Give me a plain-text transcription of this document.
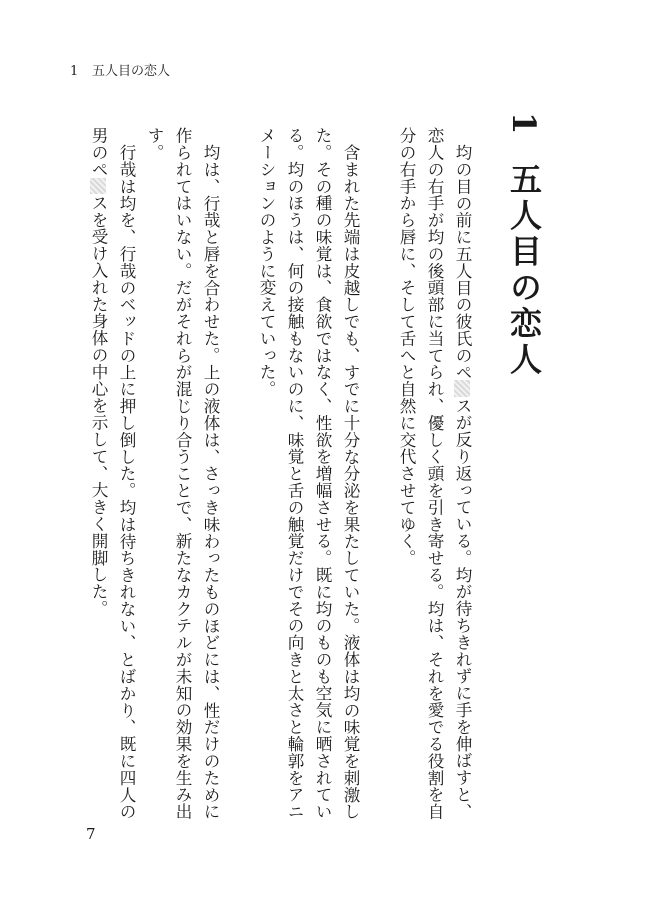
1 五人目の恋人
1五人目の恋人

均の目の前に五人目の彼氏のペスが反り返っている。均が待ちきれずに手を伸ばすと、恋人の右手が均の後頭部に当てられ、優しく頭を引き寄せる。均は、それを愛でる役割を自分の右手から唇に、そして舌へと自然に交代させてゆく。

含まれた先端は皮越しでも、すでに十分な分泌を果たしていた。液体は均の味覚を刺激した。その種の味覚は、食欲ではなく、性欲を増幅させる。既に均のものも空気に晒されている。均のほうは、何の接触もないのに、味覚と舌の触覚だけでその向きと太さと輪郭をアニメーションのように変えていった。

均は、行哉と唇を合わせた。上の液体は、さっき味わったものほどには、性だけのために作られてはいない。だがそれらが混じり合うことで、新たなカクテルが未知の効果を生み出す。

行哉は均を、行哉のベッドの上に押し倒した。均は待ちきれない、とばかり、既に四人の男のペスを受け入れた身体の中心を示して、大きく開脚した。

7
